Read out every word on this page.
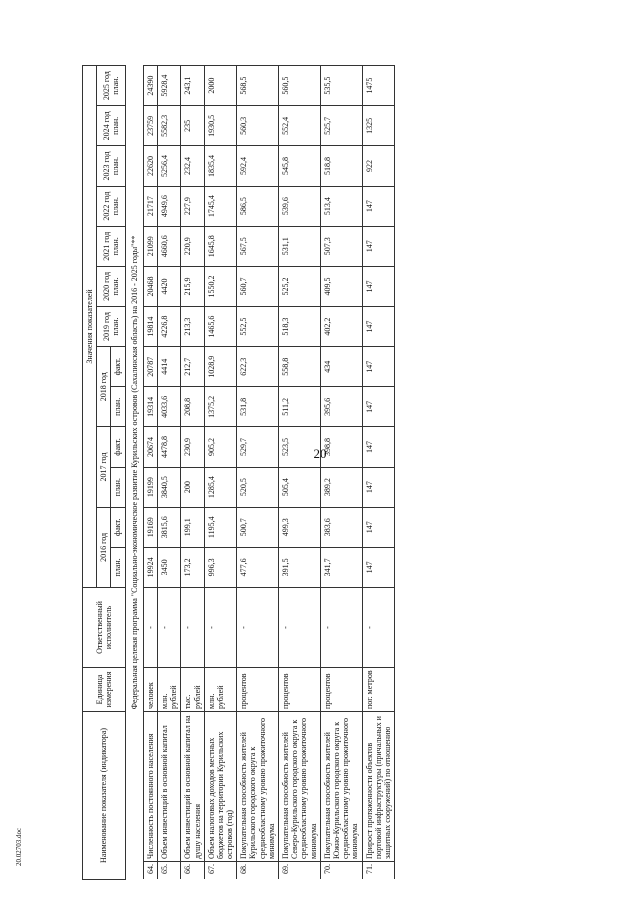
20
Наименование показателя (индикатора)		Единица измерения	Ответственный исполнитель	Значения показателей												
				2016 год		2017 год		2018 год		2019 год план.	2020 год план.	2021 год план.	2022 год план.	2023 год план.	2024 год план.	2025 год план.
				план.	факт.	план.	факт.	план.	факт.							
Федеральная целевая программа "Социально-экономическое развитие Курильских островов (Сахалинская область) на 2016 - 2025 годы"**																
64.	Численность постоянного населения	человек	-	19924	19169	19199	20674	19314	20787	19814	20468	21099	21717	22620	23759	24390
65.	Объем инвестиций в основной капитал	млн. рублей	-	3450	3815,6	3840,5	4478,8	4033,6	4414	4226,8	4420	4660,6	4949,6	5256,4	5582,3	5928,4
66.	Объем инвестиций в основной капитал на душу населения	тыс. рублей	-	173,2	199,1	200	230,9	208,8	212,7	213,3	215,9	220,9	227,9	232,4	235	243,1
67.	Объем налоговых доходов местных бюджетов на территории Курильских островов (год)	млн. рублей	-	996,3	1195,4	1285,4	905,2	1375,2	1028,9	1465,6	1550,2	1645,8	1745,4	1835,4	1930,5	2000
68.	Покупательная способность жителей Курильского городского округа к среднеобластному уровню прожиточного минимума	процентов	-	477,6	500,7	520,5	529,7	531,8	622,3	552,5	560,7	567,5	586,5	592,4	560,3	568,5
69.	Покупательная способность жителей Северо-Курильского городского округа к среднеобластному уровню прожиточного минимума	процентов	-	391,5	499,3	505,4	523,5	511,2	558,8	518,3	525,2	531,1	539,6	545,8	552,4	560,5
70.	Покупательная способность жителей Южно-Курильского городского округа к среднеобластному уровню прожиточного минимума	процентов	-	341,7	383,6	389,2	398,8	395,6	434	402,2	409,5	507,3	513,4	518,8	525,7	535,5
71.	Прирост протяженности объектов портовой инфраструктуры (причальных и защитных сооружений) по отношению	пог. метров	-	147	147	147	147	147	147	147	147	147	147	922	1325	1475
20.02703.doc
